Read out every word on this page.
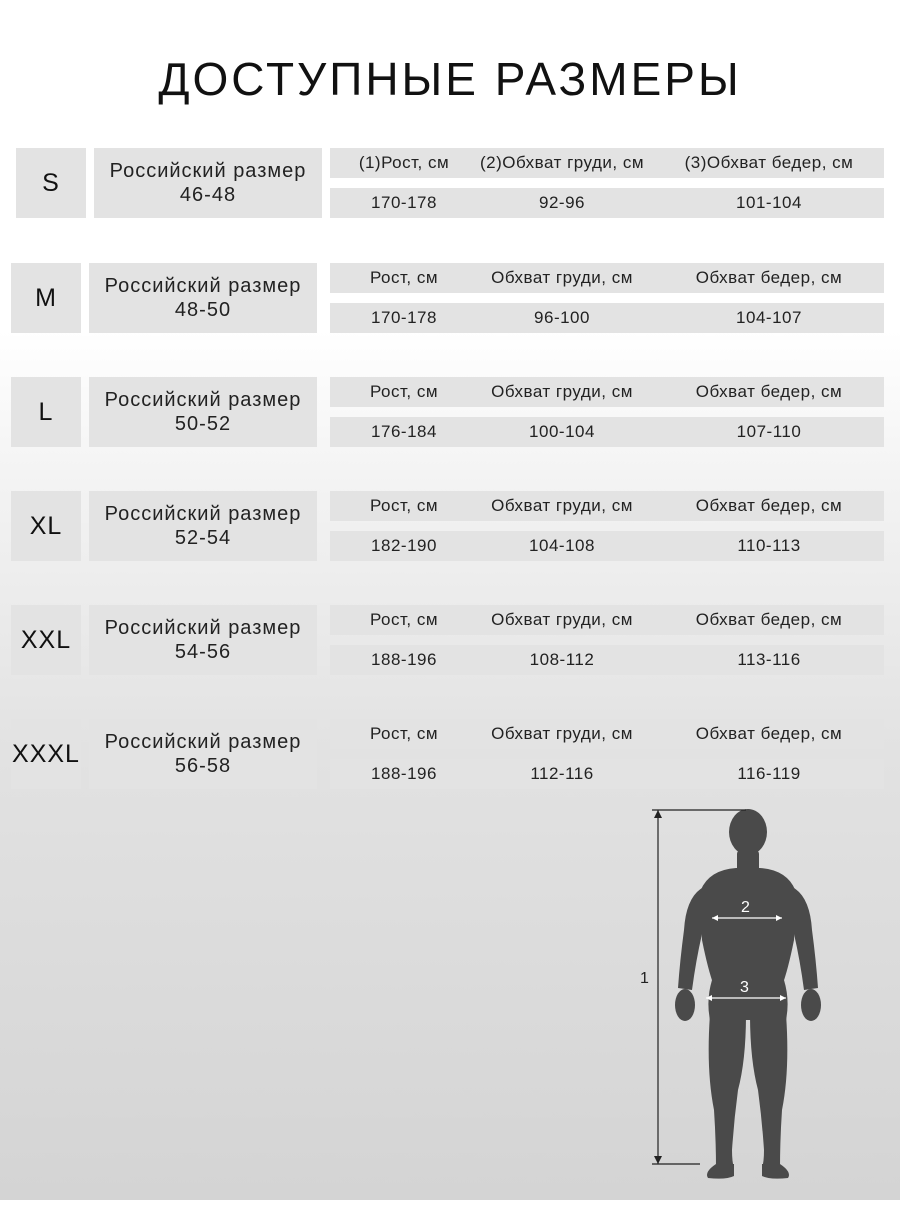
ДОСТУПНЫЕ РАЗМЕРЫ
S	Российский размер
46-48
(1)Рост, см	(2)Обхват груди, см	(3)Обхват бедер, см
170-178	92-96	101-104
M	Российский размер
48-50
Рост, см	Обхват груди, см	Обхват бедер, см
170-178	96-100	104-107
L	Российский размер
50-52
Рост, см	Обхват груди, см	Обхват бедер, см
176-184	100-104	107-110
XL	Российский размер
52-54
Рост, см	Обхват груди, см	Обхват бедер, см
182-190	104-108	110-113
XXL	Российский размер
54-56
Рост, см	Обхват груди, см	Обхват бедер, см
188-196	108-112	113-116
XXXL Российский размер
56-58
Рост, см	Обхват груди, см	Обхват бедер, см
188-196	112-116	116-119
1
2
3
